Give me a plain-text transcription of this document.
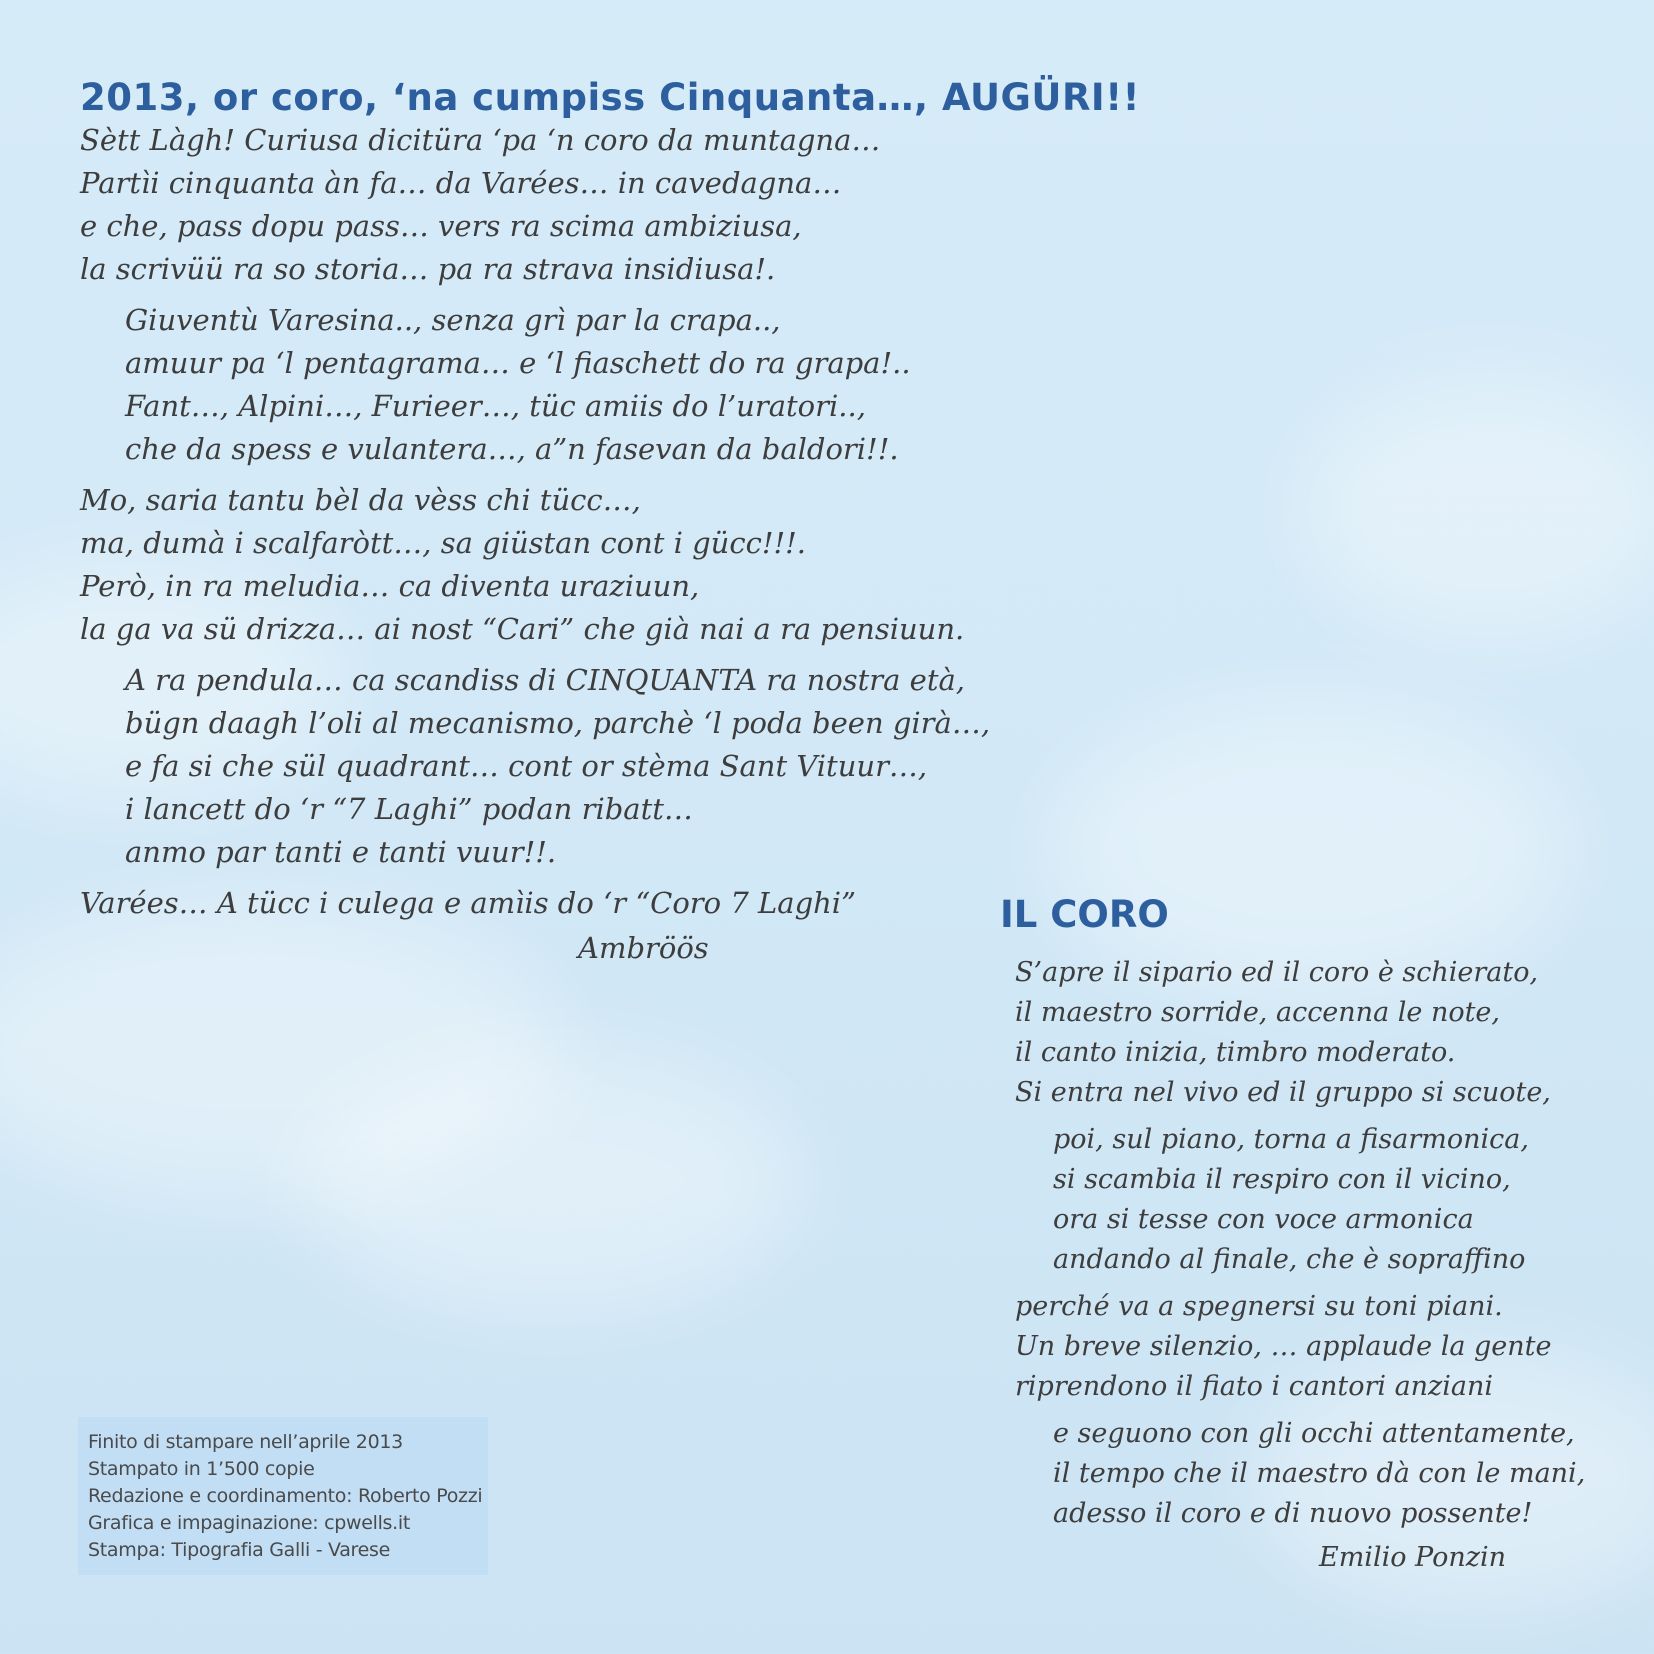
2013, or coro, ‘na cumpiss Cinquanta…, AUGÜRI!!
Sètt Làgh! Curiusa dicitüra ‘pa ‘n coro da muntagna…
Partìi cinquanta àn fa… da Varées… in cavedagna…
e che, pass dopu pass… vers ra scima ambiziusa,
la scrivüü ra so storia… pa ra strava insidiusa!.
Giuventù Varesina.., senza grì par la crapa..,
amuur pa ‘l pentagrama… e ‘l fiaschett do ra grapa!..
Fant…, Alpini…, Furieer…, tüc amiis do l’uratori..,
che da spess e vulantera…, a”n fasevan da baldori!!.
Mo, saria tantu bèl da vèss chi tücc…,
ma, dumà i scalfaròtt…, sa giüstan cont i gücc!!!.
Però, in ra meludia… ca diventa uraziuun,
la ga va sü drizza… ai nost “Cari” che già nai a ra pensiuun.
A ra pendula… ca scandiss di CINQUANTA ra nostra età,
bügn daagh l’oli al mecanismo, parchè ‘l poda been girà…,
e fa si che sül quadrant… cont or stèma Sant Vituur…,
i lancett do ‘r “7 Laghi” podan ribatt…
anmo par tanti e tanti vuur!!.
Varées… A tücc i culega e amìis do ‘r “Coro 7 Laghi”
Ambröös
IL CORO
S’apre il sipario ed il coro è schierato,
il maestro sorride, accenna le note,
il canto inizia, timbro moderato.
Si entra nel vivo ed il gruppo si scuote,
poi, sul piano, torna a fisarmonica,
si scambia il respiro con il vicino,
ora si tesse con voce armonica
andando al finale, che è sopraffino
perché va a spegnersi su toni piani.
Un breve silenzio, … applaude la gente
riprendono il fiato i cantori anziani
e seguono con gli occhi attentamente,
il tempo che il maestro dà con le mani,
adesso il coro e di nuovo possente!
Emilio Ponzin
Finito di stampare nell’aprile 2013
Stampato in 1’500 copie
Redazione e coordinamento: Roberto Pozzi
Grafica e impaginazione: cpwells.it
Stampa: Tipografia Galli - Varese
